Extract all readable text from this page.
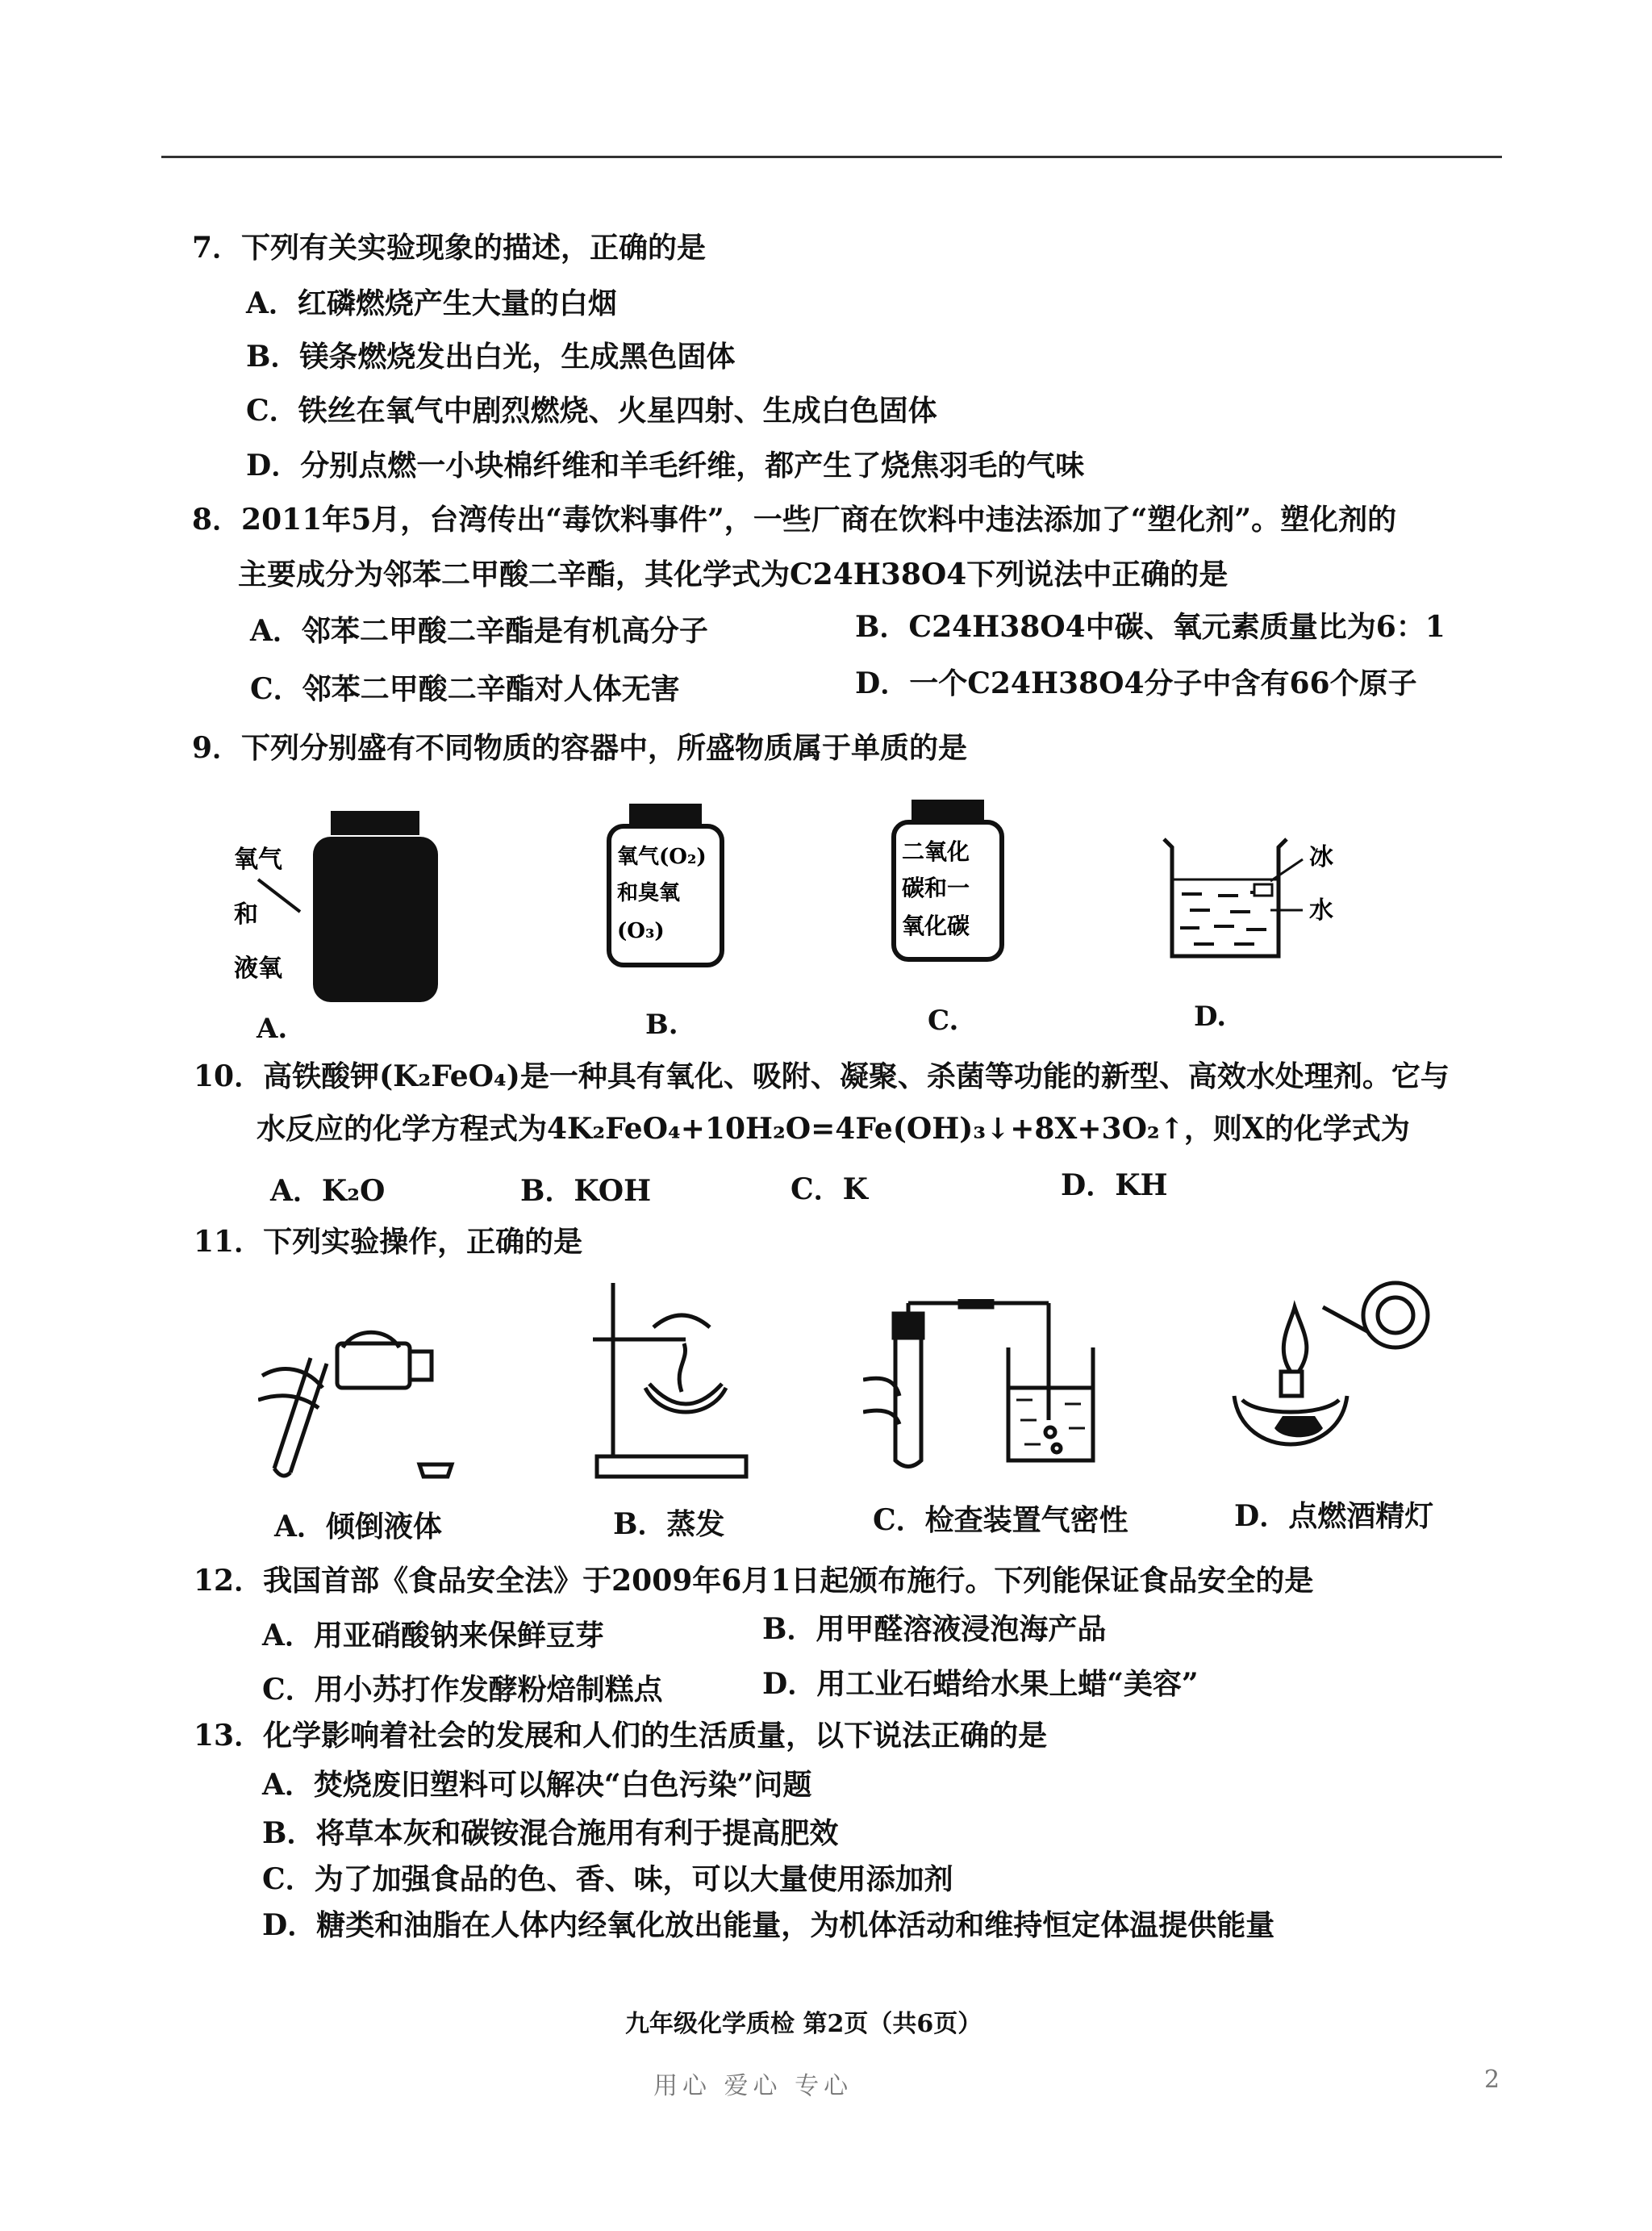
7．下列有关实验现象的描述，正确的是
A．红磷燃烧产生大量的白烟
B．镁条燃烧发出白光，生成黑色固体
C．铁丝在氧气中剧烈燃烧、火星四射、生成白色固体
D．分别点燃一小块棉纤维和羊毛纤维，都产生了烧焦羽毛的气味
8．2011年5月，台湾传出“毒饮料事件”，一些厂商在饮料中违法添加了“塑化剂”。塑化剂的
主要成分为邻苯二甲酸二辛酯，其化学式为C24H38O4下列说法中正确的是
A．邻苯二甲酸二辛酯是有机高分子	B．C24H38O4中碳、氧元素质量比为6：1
C．邻苯二甲酸二辛酯对人体无害	D．一个C24H38O4分子中含有66个原子
9．下列分别盛有不同物质的容器中，所盛物质属于单质的是
氧气
和
液氧
A.
氧气(O₂)
和臭氧
(O₃)
B.
二氧化
碳和一
氧化碳
C.
冰
水
D.
10．高铁酸钾(K₂FeO₄)是一种具有氧化、吸附、凝聚、杀菌等功能的新型、高效水处理剂。它与
水反应的化学方程式为4K₂FeO₄+10H₂O=4Fe(OH)₃↓+8X+3O₂↑，则X的化学式为
A．K₂O	B．KOH	C．K	D．KH
11．下列实验操作，正确的是
A．倾倒液体	B．蒸发	C．检查装置气密性	D．点燃酒精灯
12．我国首部《食品安全法》于2009年6月1日起颁布施行。下列能保证食品安全的是
A．用亚硝酸钠来保鲜豆芽	B．用甲醛溶液浸泡海产品
C．用小苏打作发酵粉焙制糕点	D．用工业石蜡给水果上蜡“美容”
13．化学影响着社会的发展和人们的生活质量，以下说法正确的是
A．焚烧废旧塑料可以解决“白色污染”问题
B．将草本灰和碳铵混合施用有利于提高肥效
C．为了加强食品的色、香、味，可以大量使用添加剂
D．糖类和油脂在人体内经氧化放出能量，为机体活动和维持恒定体温提供能量
九年级化学质检 第2页（共6页）
用心 爱心 专心	2
